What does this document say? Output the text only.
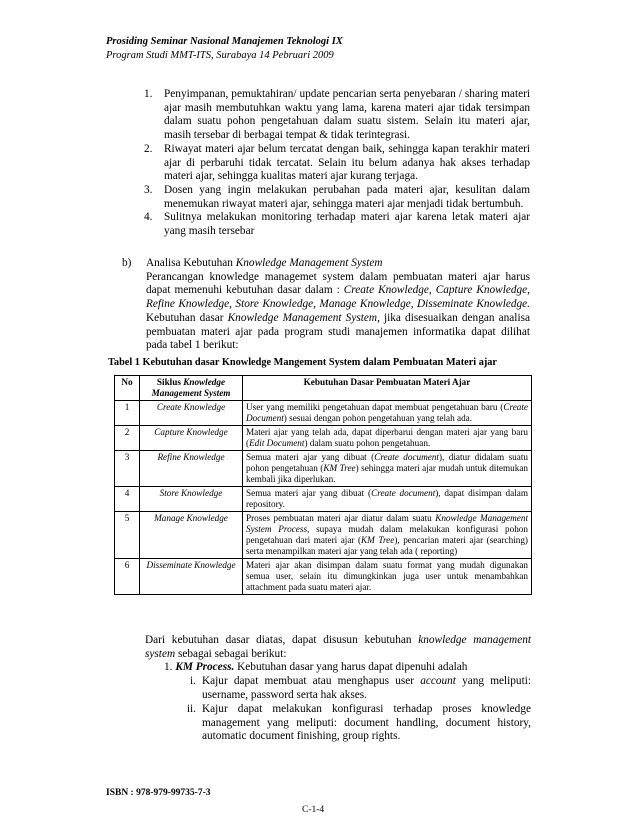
Prosiding Seminar Nasional Manajemen Teknologi IX
Program Studi MMT-ITS, Surabaya 14 Pebruari 2009
1.	Penyimpanan, pemuktahiran/ update pencarian serta penyebaran / sharing materi ajar masih membutuhkan waktu yang lama, karena materi ajar tidak tersimpan dalam suatu pohon pengetahuan dalam suatu sistem. Selain itu materi ajar, masih tersebar di berbagai tempat & tidak terintegrasi.
2.	Riwayat materi ajar belum tercatat dengan baik, sehingga kapan terakhir materi ajar di perbaruhi tidak tercatat. Selain itu belum adanya hak akses terhadap materi ajar, sehingga kualitas materi ajar kurang terjaga.
3.	Dosen yang ingin melakukan perubahan pada materi ajar, kesulitan dalam menemukan riwayat materi ajar, sehingga materi ajar menjadi tidak bertumbuh.
4.	Sulitnya melakukan monitoring terhadap materi ajar karena letak materi ajar yang masih tersebar
b) Analisa Kebutuhan Knowledge Management System
Perancangan knowledge managemet system dalam pembuatan materi ajar harus dapat memenuhi kebutuhan dasar dalam : Create Knowledge, Capture Knowledge, Refine Knowledge, Store Knowledge, Manage Knowledge, Disseminate Knowledge. Kebutuhan dasar Knowledge Management System, jika disesuaikan dengan analisa pembuatan materi ajar pada program studi manajemen informatika dapat dilihat pada tabel 1 berikut:
Tabel 1 Kebutuhan dasar Knowledge Mangement System dalam Pembuatan Materi ajar
No	Siklus Knowledge Management System	Kebutuhan Dasar Pembuatan Materi Ajar
1	Create Knowledge	User yang memiliki pengetahuan dapat membuat pengetahuan baru (Create Document) sesuai dengan pohon pengetahuan yang telah ada.
2	Capture Knowledge	Materi ajar yang telah ada, dapat diperbarui dengan materi ajar yang baru (Edit Document) dalam suatu pohon pengetahuan.
3	Refine Knowledge	Semua materi ajar yang dibuat (Create document), diatur didalam suatu pohon pengetahuan (KM Tree) sehingga materi ajar mudah untuk ditemukan kembali jika diperlukan.
4	Store Knowledge	Semua materi ajar yang dibuat (Create document), dapat disimpan dalam repository.
5	Manage Knowledge	Proses pembuatan materi ajar diatur dalam suatu Knowledge Management System Process, supaya mudah dalam melakukan konfigurasi pohon pengetahuan dari materi ajar (KM Tree), pencarian materi ajar (searching) serta menampilkan materi ajar yang telah ada ( reporting)
6	Disseminate Knowledge	Materi ajar akan disimpan dalam suatu format yang mudah digunakan semua user, selain itu dimungkinkan juga user untuk menambahkan attachment pada suatu materi ajar.
Dari kebutuhan dasar diatas, dapat disusun kebutuhan knowledge management system sebagai sebagai berikut:
1. KM Process. Kebutuhan dasar yang harus dapat dipenuhi adalah
i. Kajur dapat membuat atau menghapus user account yang meliputi: username, password serta hak akses.
ii. Kajur dapat melakukan konfigurasi terhadap proses knowledge management yang meliputi: document handling, document history, automatic document finishing, group rights.
ISBN : 978-979-99735-7-3
C-1-4
